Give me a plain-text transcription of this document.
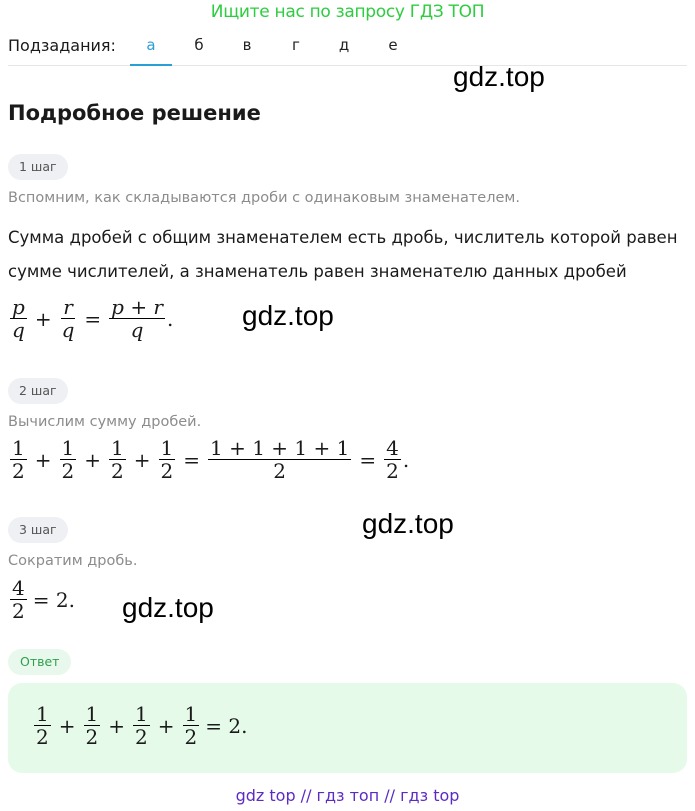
Ищите нас по запросу ГДЗ ТОП
Подзадания:	а	б	в	г	д	е
gdz.top
gdz.top
gdz.top
gdz.top
Подробное решение
1 шаг
Вспомним, как складываются дроби с одинаковым знаменателем.
Сумма дробей с общим знаменателем есть дробь, числитель которой равен
сумме числителей, а знаменатель равен знаменателю данных дробей
$\frac{p}{q} + \frac{r}{q} = \frac{p + r}{q}$ .
2 шаг
Вычислим сумму дробей.
$\frac{1}{2} + \frac{1}{2} + \frac{1}{2} + \frac{1}{2} = \frac{1 + 1 + 1 + 1}{2} = \frac{4}{2}$ .
3 шаг
Сократим дробь.
$\frac{4}{2} = 2$.
Ответ
$\frac{1}{2} + \frac{1}{2} + \frac{1}{2} + \frac{1}{2} = 2$.
gdz top // гдз топ // гдз top
